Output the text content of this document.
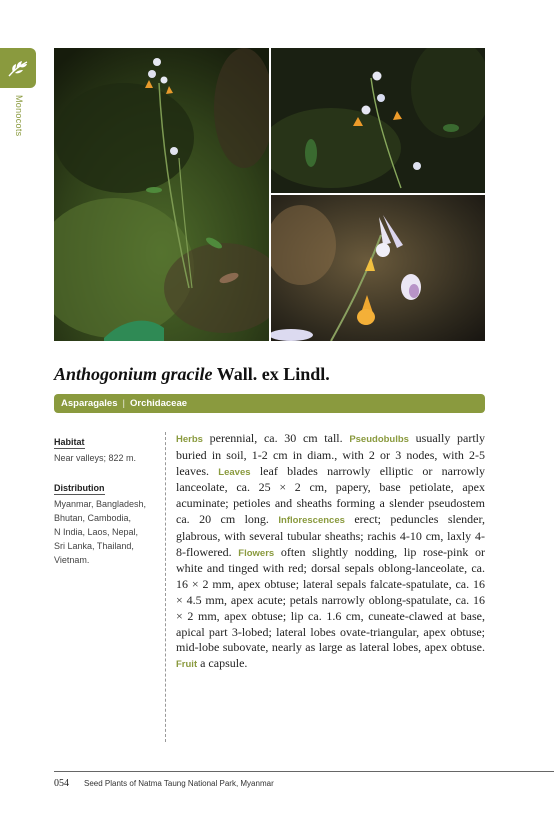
Monocots
Anthogonium gracile Wall. ex Lindl.
Asparagales | Orchidaceae
Habitat
Near valleys; 822 m.
Distribution
Myanmar, Bangladesh,
Bhutan, Cambodia,
N India, Laos, Nepal,
Sri Lanka, Thailand,
Vietnam.

Herbs perennial, ca. 30 cm tall. Pseudobulbs usually partly buried in soil, 1-2 cm in diam., with 2 or 3 nodes, with 2-5 leaves. Leaves leaf blades narrowly elliptic or narrowly lanceolate, ca. 25 × 2 cm, papery, base petiolate, apex acuminate; petioles and sheaths forming a slender pseudostem ca. 20 cm long. Inflorescences erect; peduncles slender, glabrous, with several tubular sheaths; rachis 4-10 cm, laxly 4-8-flowered. Flowers often slightly nodding, lip rose-pink or white and tinged with red; dorsal sepals oblong-lanceolate, ca. 16 × 2 mm, apex obtuse; lateral sepals falcate-spatulate, ca. 16 × 4.5 mm, apex acute; petals narrowly oblong-spatulate, ca. 16 × 2 mm, apex obtuse; lip ca. 1.6 cm, cuneate-clawed at base, apical part 3-lobed; lateral lobes ovate-triangular, apex obtuse; mid-lobe subovate, nearly as large as lateral lobes, apex obtuse. Fruit a capsule.

054 Seed Plants of Natma Taung National Park, Myanmar
